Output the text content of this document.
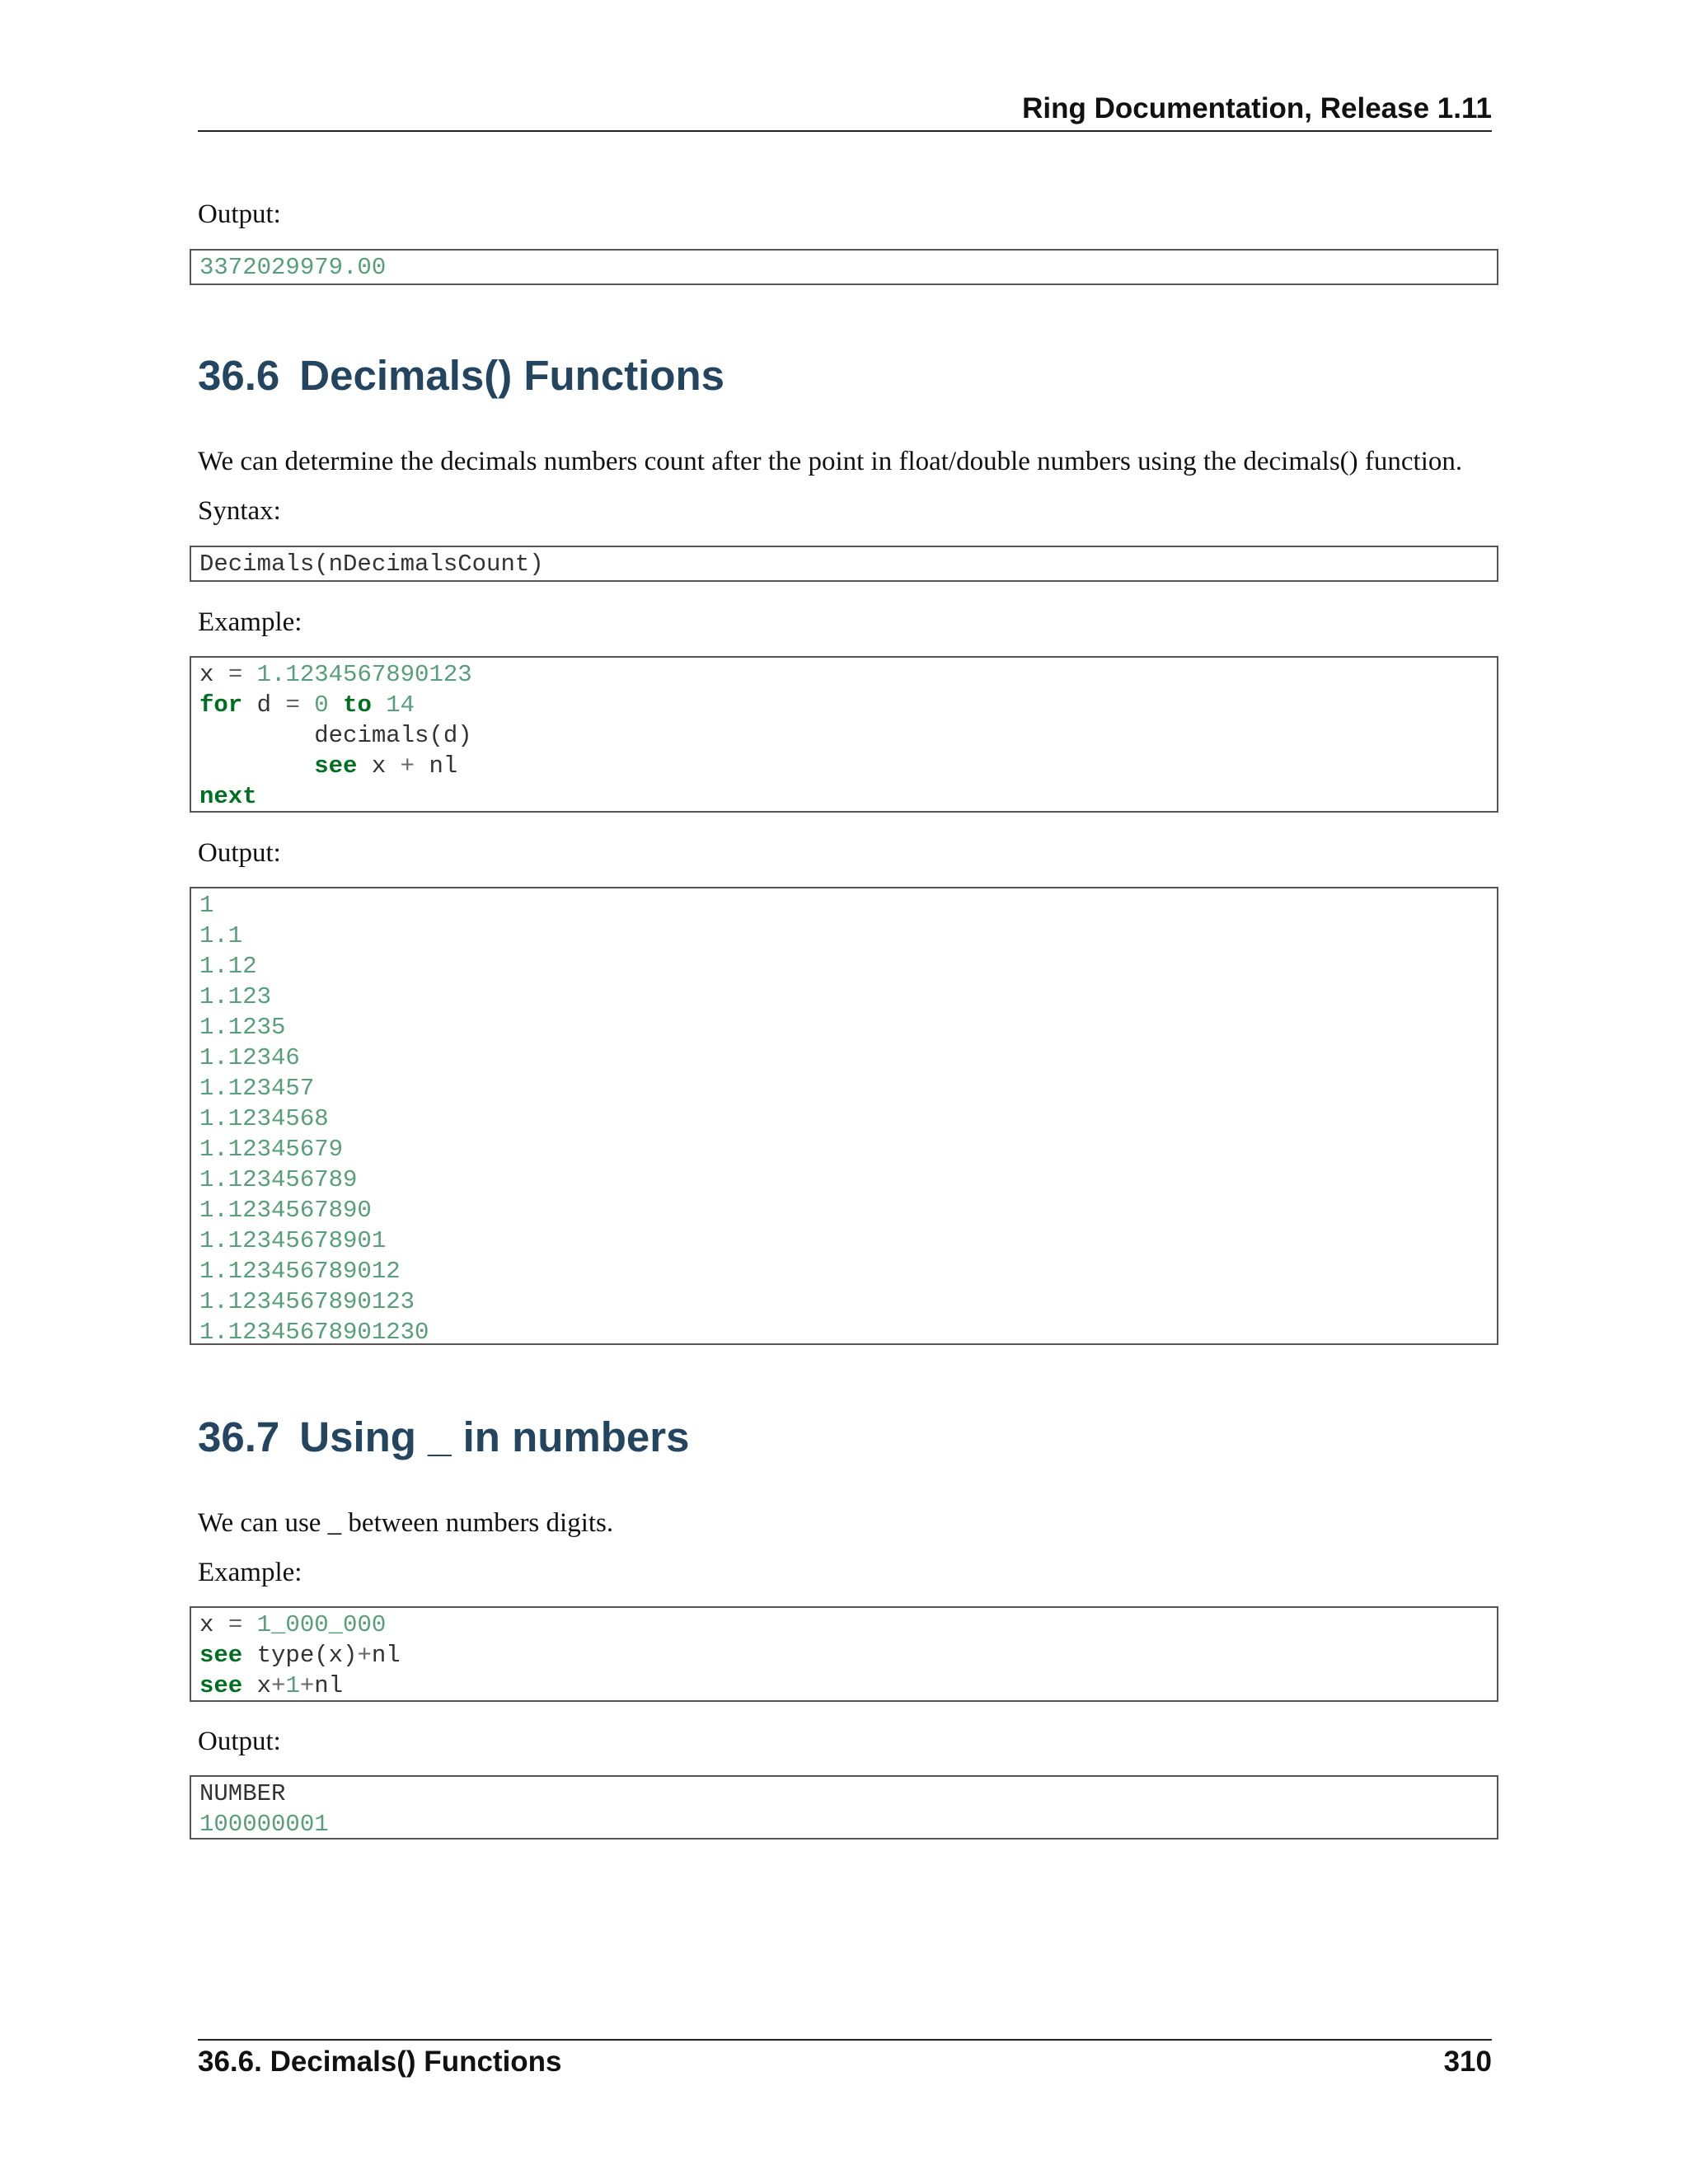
Ring Documentation, Release 1.11
Output:
3372029979.00
36.6 Decimals() Functions
We can determine the decimals numbers count after the point in float/double numbers using the decimals() function.
Syntax:
Decimals(nDecimalsCount)
Example:
x = 1.1234567890123
for d = 0 to 14
decimals(d)
see x + nl
next
Output:
1
1.1
1.12
1.123
1.1235
1.12346
1.123457
1.1234568
1.12345679
1.123456789
1.1234567890
1.12345678901
1.123456789012
1.1234567890123
1.12345678901230
36.7 Using _ in numbers
We can use _ between numbers digits.
Example:
x = 1_000_000
see type(x)+nl
see x+1+nl
Output:
NUMBER
100000001
36.6. Decimals() Functions	310
